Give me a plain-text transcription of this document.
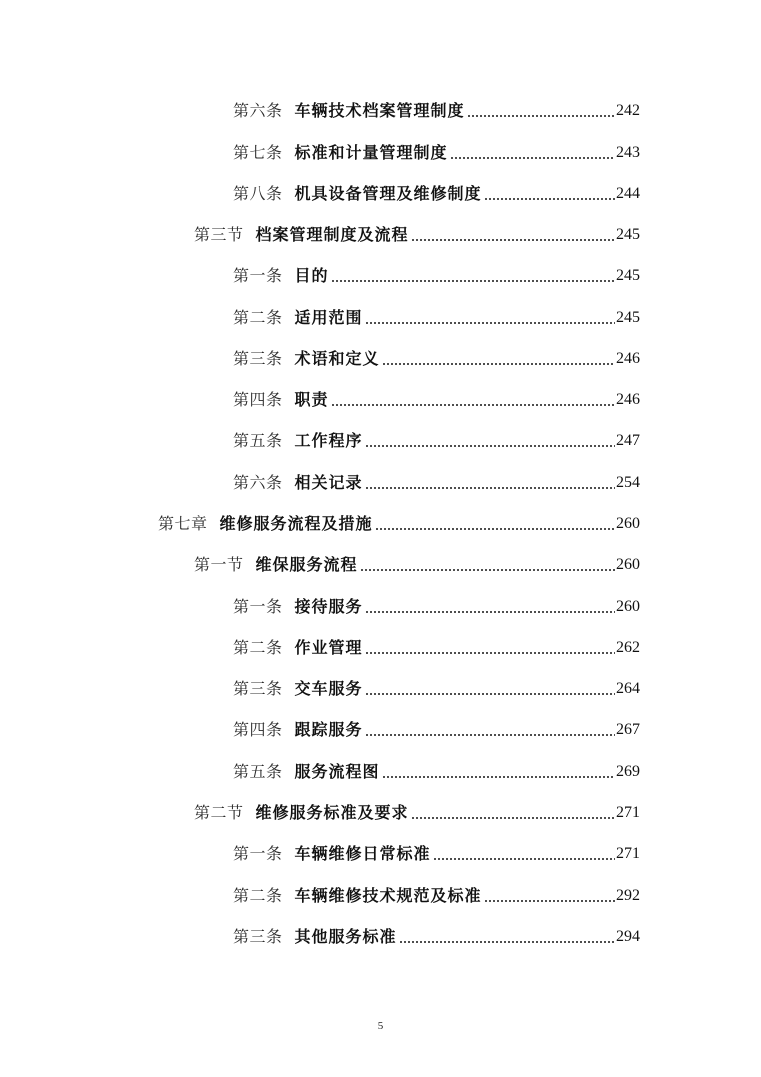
第六条 车辆技术档案管理制度	242
第七条 标准和计量管理制度	243
第八条 机具设备管理及维修制度	244
第三节 档案管理制度及流程	245
第一条 目的	245
第二条 适用范围	245
第三条 术语和定义	246
第四条 职责	246
第五条 工作程序	247
第六条 相关记录	254
第七章 维修服务流程及措施	260
第一节 维保服务流程	260
第一条 接待服务	260
第二条 作业管理	262
第三条 交车服务	264
第四条 跟踪服务	267
第五条 服务流程图	269
第二节 维修服务标准及要求	271
第一条 车辆维修日常标准	271
第二条 车辆维修技术规范及标准	292
第三条 其他服务标准	294
5
